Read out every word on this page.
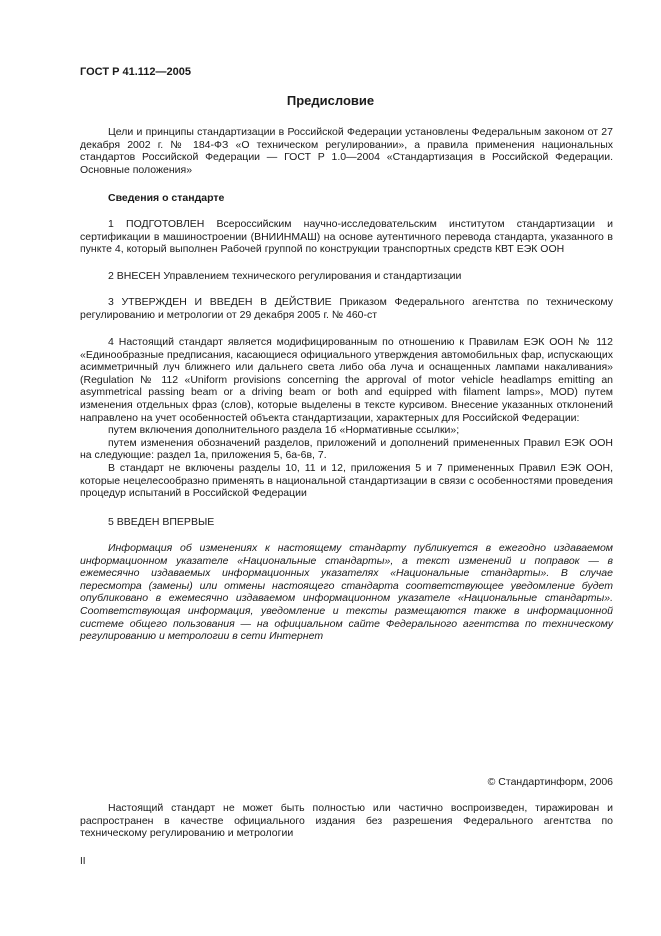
ГОСТ Р 41.112—2005
Предисловие

Цели и принципы стандартизации в Российской Федерации установлены Федеральным законом от 27 декабря 2002 г. № 184-ФЗ «О техническом регулировании», а правила применения национальных стандартов Российской Федерации — ГОСТ Р 1.0—2004 «Стандартизация в Российской Федерации. Основные положения»

Сведения о стандарте

1 ПОДГОТОВЛЕН Всероссийским научно-исследовательским институтом стандартизации и сертификации в машиностроении (ВНИИНМАШ) на основе аутентичного перевода стандарта, указанного в пункте 4, который выполнен Рабочей группой по конструкции транспортных средств КВТ ЕЭК ООН

2 ВНЕСЕН Управлением технического регулирования и стандартизации

3 УТВЕРЖДЕН И ВВЕДЕН В ДЕЙСТВИЕ Приказом Федерального агентства по техническому регулированию и метрологии от 29 декабря 2005 г. № 460-ст

4 Настоящий стандарт является модифицированным по отношению к Правилам ЕЭК ООН № 112 «Единообразные предписания, касающиеся официального утверждения автомобильных фар, испускающих асимметричный луч ближнего или дальнего света либо оба луча и оснащенных лампами накаливания» (Regulation № 112 «Uniform provisions concerning the approval of motor vehicle headlamps emitting an asymmetrical passing beam or a driving beam or both and equipped with filament lamps», MOD) путем изменения отдельных фраз (слов), которые выделены в тексте курсивом. Внесение указанных отклонений направлено на учет особенностей объекта стандартизации, характерных для Российской Федерации:

путем включения дополнительного раздела 1б «Нормативные ссылки»;

путем изменения обозначений разделов, приложений и дополнений примененных Правил ЕЭК ООН на следующие: раздел 1а, приложения 5, 6а-6в, 7.

В стандарт не включены разделы 10, 11 и 12, приложения 5 и 7 примененных Правил ЕЭК ООН, которые нецелесообразно применять в национальной стандартизации в связи с особенностями проведения процедур испытаний в Российской Федерации

5 ВВЕДЕН ВПЕРВЫЕ

Информация об изменениях к настоящему стандарту публикуется в ежегодно издаваемом информационном указателе «Национальные стандарты», а текст изменений и поправок — в ежемесячно издаваемых информационных указателях «Национальные стандарты». В случае пересмотра (замены) или отмены настоящего стандарта соответствующее уведомление будет опубликовано в ежемесячно издаваемом информационном указателе «Национальные стандарты». Соответствующая информация, уведомление и тексты размещаются также в информационной системе общего пользования — на официальном сайте Федерального агентства по техническому регулированию и метрологии в сети Интернет

© Стандартинформ, 2006

Настоящий стандарт не может быть полностью или частично воспроизведен, тиражирован и распространен в качестве официального издания без разрешения Федерального агентства по техническому регулированию и метрологии

II
